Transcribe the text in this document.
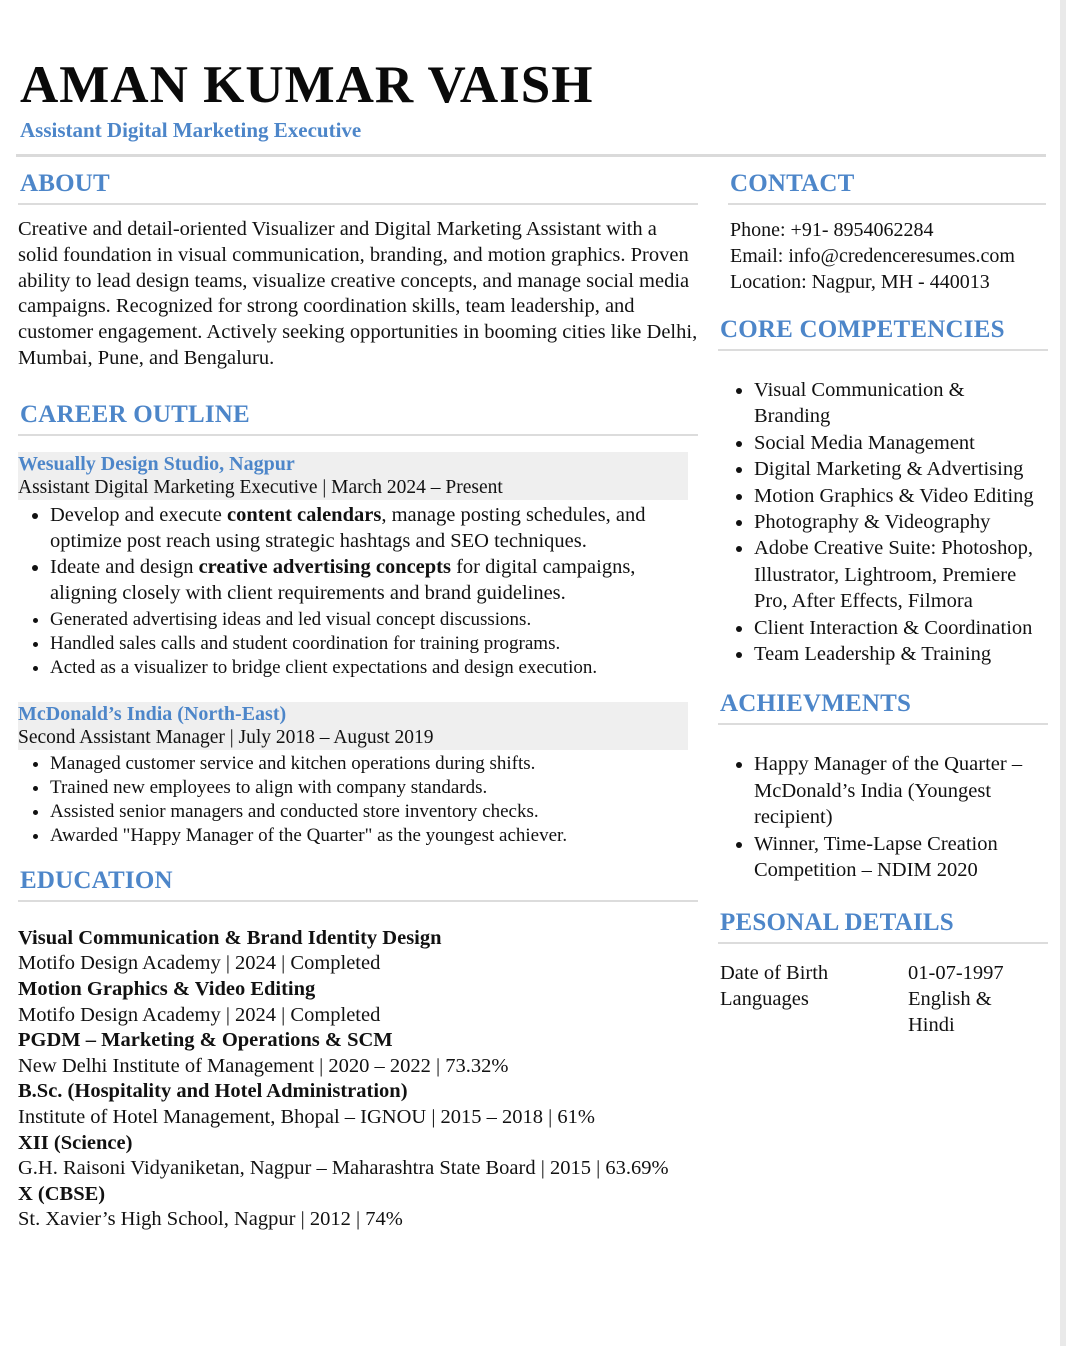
AMAN KUMAR VAISH
Assistant Digital Marketing Executive
ABOUT

Creative and detail-oriented Visualizer and Digital Marketing Assistant with a solid foundation in visual communication, branding, and motion graphics. Proven ability to lead design teams, visualize creative concepts, and manage social media campaigns. Recognized for strong coordination skills, team leadership, and customer engagement. Actively seeking opportunities in booming cities like Delhi, Mumbai, Pune, and Bengaluru.

CAREER OUTLINE
Wesually Design Studio, Nagpur
Assistant Digital Marketing Executive | March 2024 – Present
• Develop and execute content calendars, manage posting schedules, and optimize post reach using strategic hashtags and SEO techniques.
• Ideate and design creative advertising concepts for digital campaigns, aligning closely with client requirements and brand guidelines.
• Generated advertising ideas and led visual concept discussions.
• Handled sales calls and student coordination for training programs.
• Acted as a visualizer to bridge client expectations and design execution.
McDonald’s India (North-East)
Second Assistant Manager | July 2018 – August 2019
• Managed customer service and kitchen operations during shifts.
• Trained new employees to align with company standards.
• Assisted senior managers and conducted store inventory checks.
• Awarded "Happy Manager of the Quarter" as the youngest achiever.
EDUCATION
Visual Communication & Brand Identity Design
Motifo Design Academy | 2024 | Completed
Motion Graphics & Video Editing
Motifo Design Academy | 2024 | Completed
PGDM – Marketing & Operations & SCM
New Delhi Institute of Management | 2020 – 2022 | 73.32%
B.Sc. (Hospitality and Hotel Administration)
Institute of Hotel Management, Bhopal – IGNOU | 2015 – 2018 | 61%
XII (Science)
G.H. Raisoni Vidyaniketan, Nagpur – Maharashtra State Board | 2015 | 63.69%
X (CBSE)
St. Xavier’s High School, Nagpur | 2012 | 74%
CONTACT
Phone: +91- 8954062284
Email: info@credenceresumes.com
Location: Nagpur, MH - 440013
CORE COMPETENCIES
• Visual Communication & Branding
• Social Media Management
• Digital Marketing & Advertising
• Motion Graphics & Video Editing
• Photography & Videography
• Adobe Creative Suite: Photoshop, Illustrator, Lightroom, Premiere Pro, After Effects, Filmora
• Client Interaction & Coordination
• Team Leadership & Training
ACHIEVMENTS
• Happy Manager of the Quarter – McDonald’s India (Youngest recipient)
• Winner, Time-Lapse Creation Competition – NDIM 2020
PESONAL DETAILS
Date of Birth	01-07-1997
Languages	English & Hindi
